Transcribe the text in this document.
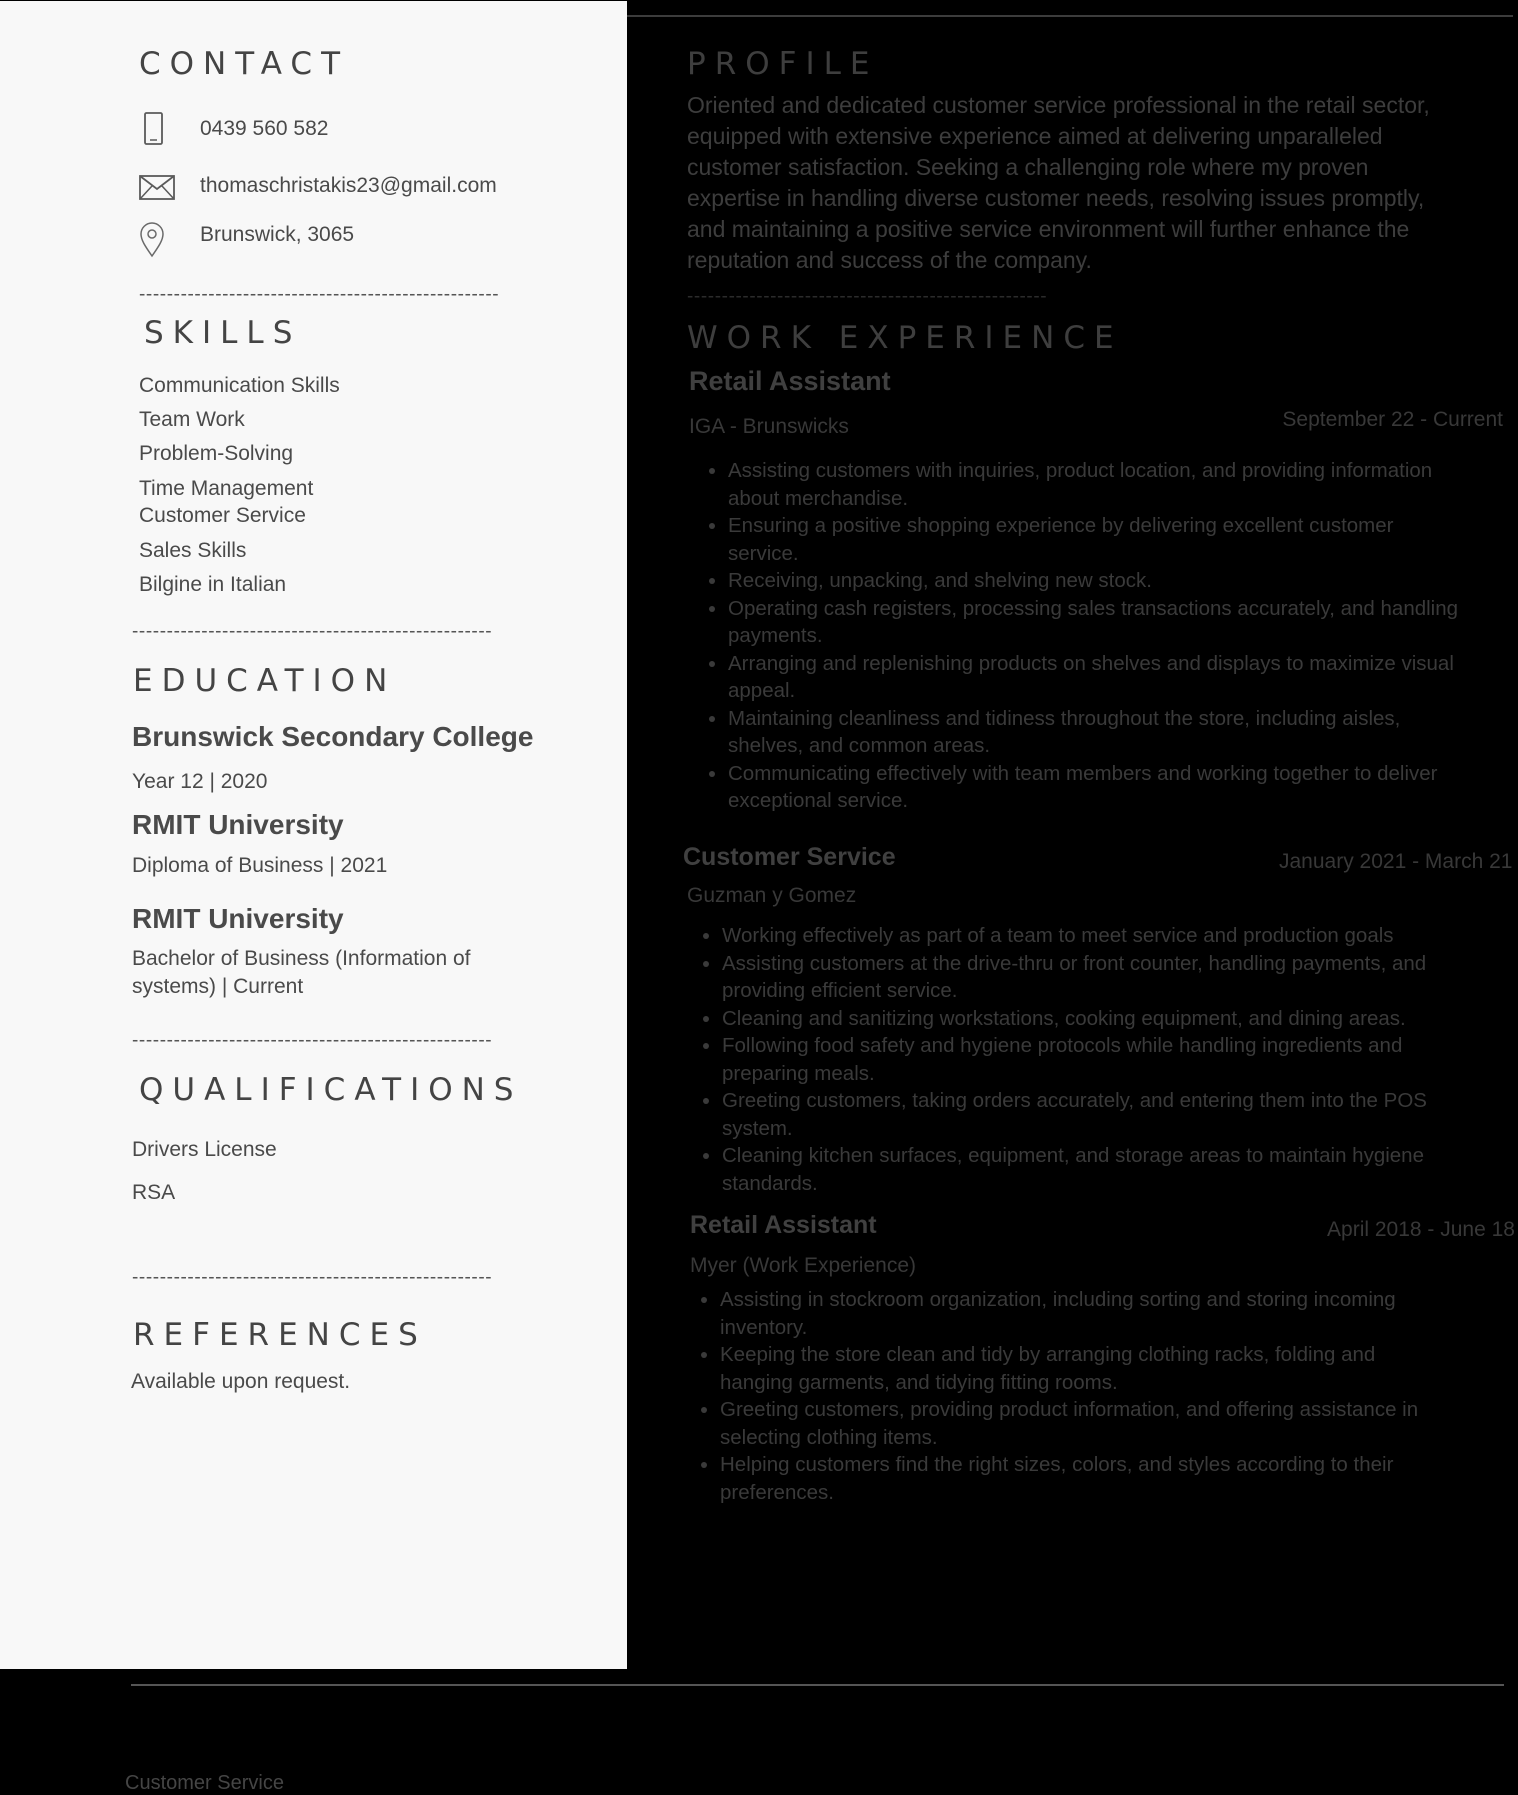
CONTACT
0439 560 582
thomaschristakis23@gmail.com
Brunswick, 3065
----------------------------------------------------
SKILLS
Communication Skills
Team Work
Problem-Solving
Time Management
Customer Service
Sales Skills
Bilgine in Italian
----------------------------------------------------
EDUCATION
Brunswick Secondary College
Year 12 | 2020
RMIT University
Diploma of Business | 2021
RMIT University
Bachelor of Business (Information of
systems) | Current
----------------------------------------------------
QUALIFICATIONS
Drivers License
RSA
----------------------------------------------------
REFERENCES
Available upon request.
PROFILE
Oriented and dedicated customer service professional in the retail sector,
equipped with extensive experience aimed at delivering unparalleled
customer satisfaction. Seeking a challenging role where my proven
expertise in handling diverse customer needs, resolving issues promptly,
and maintaining a positive service environment will further enhance the
reputation and success of the company.
----------------------------------------------------
WORK EXPERIENCE
Retail Assistant
IGA - Brunswicks	September 22 - Current
• Assisting customers with inquiries, product location, and providing information
about merchandise.
• Ensuring a positive shopping experience by delivering excellent customer
service.
• Receiving, unpacking, and shelving new stock.
• Operating cash registers, processing sales transactions accurately, and handling
payments.
• Arranging and replenishing products on shelves and displays to maximize visual
appeal.
• Maintaining cleanliness and tidiness throughout the store, including aisles,
shelves, and common areas.
• Communicating effectively with team members and working together to deliver
exceptional service.
Customer Service
Guzman y Gomez
January 2021 - March 21
• Working effectively as part of a team to meet service and production goals
• Assisting customers at the drive-thru or front counter, handling payments, and
providing efficient service.
• Cleaning and sanitizing workstations, cooking equipment, and dining areas.
• Following food safety and hygiene protocols while handling ingredients and
preparing meals.
• Greeting customers, taking orders accurately, and entering them into the POS
system.
• Cleaning kitchen surfaces, equipment, and storage areas to maintain hygiene
standards.
Retail Assistant
Myer (Work Experience)
April 2018 - June 18
• Assisting in stockroom organization, including sorting and storing incoming
inventory.
• Keeping the store clean and tidy by arranging clothing racks, folding and
hanging garments, and tidying fitting rooms.
• Greeting customers, providing product information, and offering assistance in
selecting clothing items.
• Helping customers find the right sizes, colors, and styles according to their
preferences.
Customer Service
